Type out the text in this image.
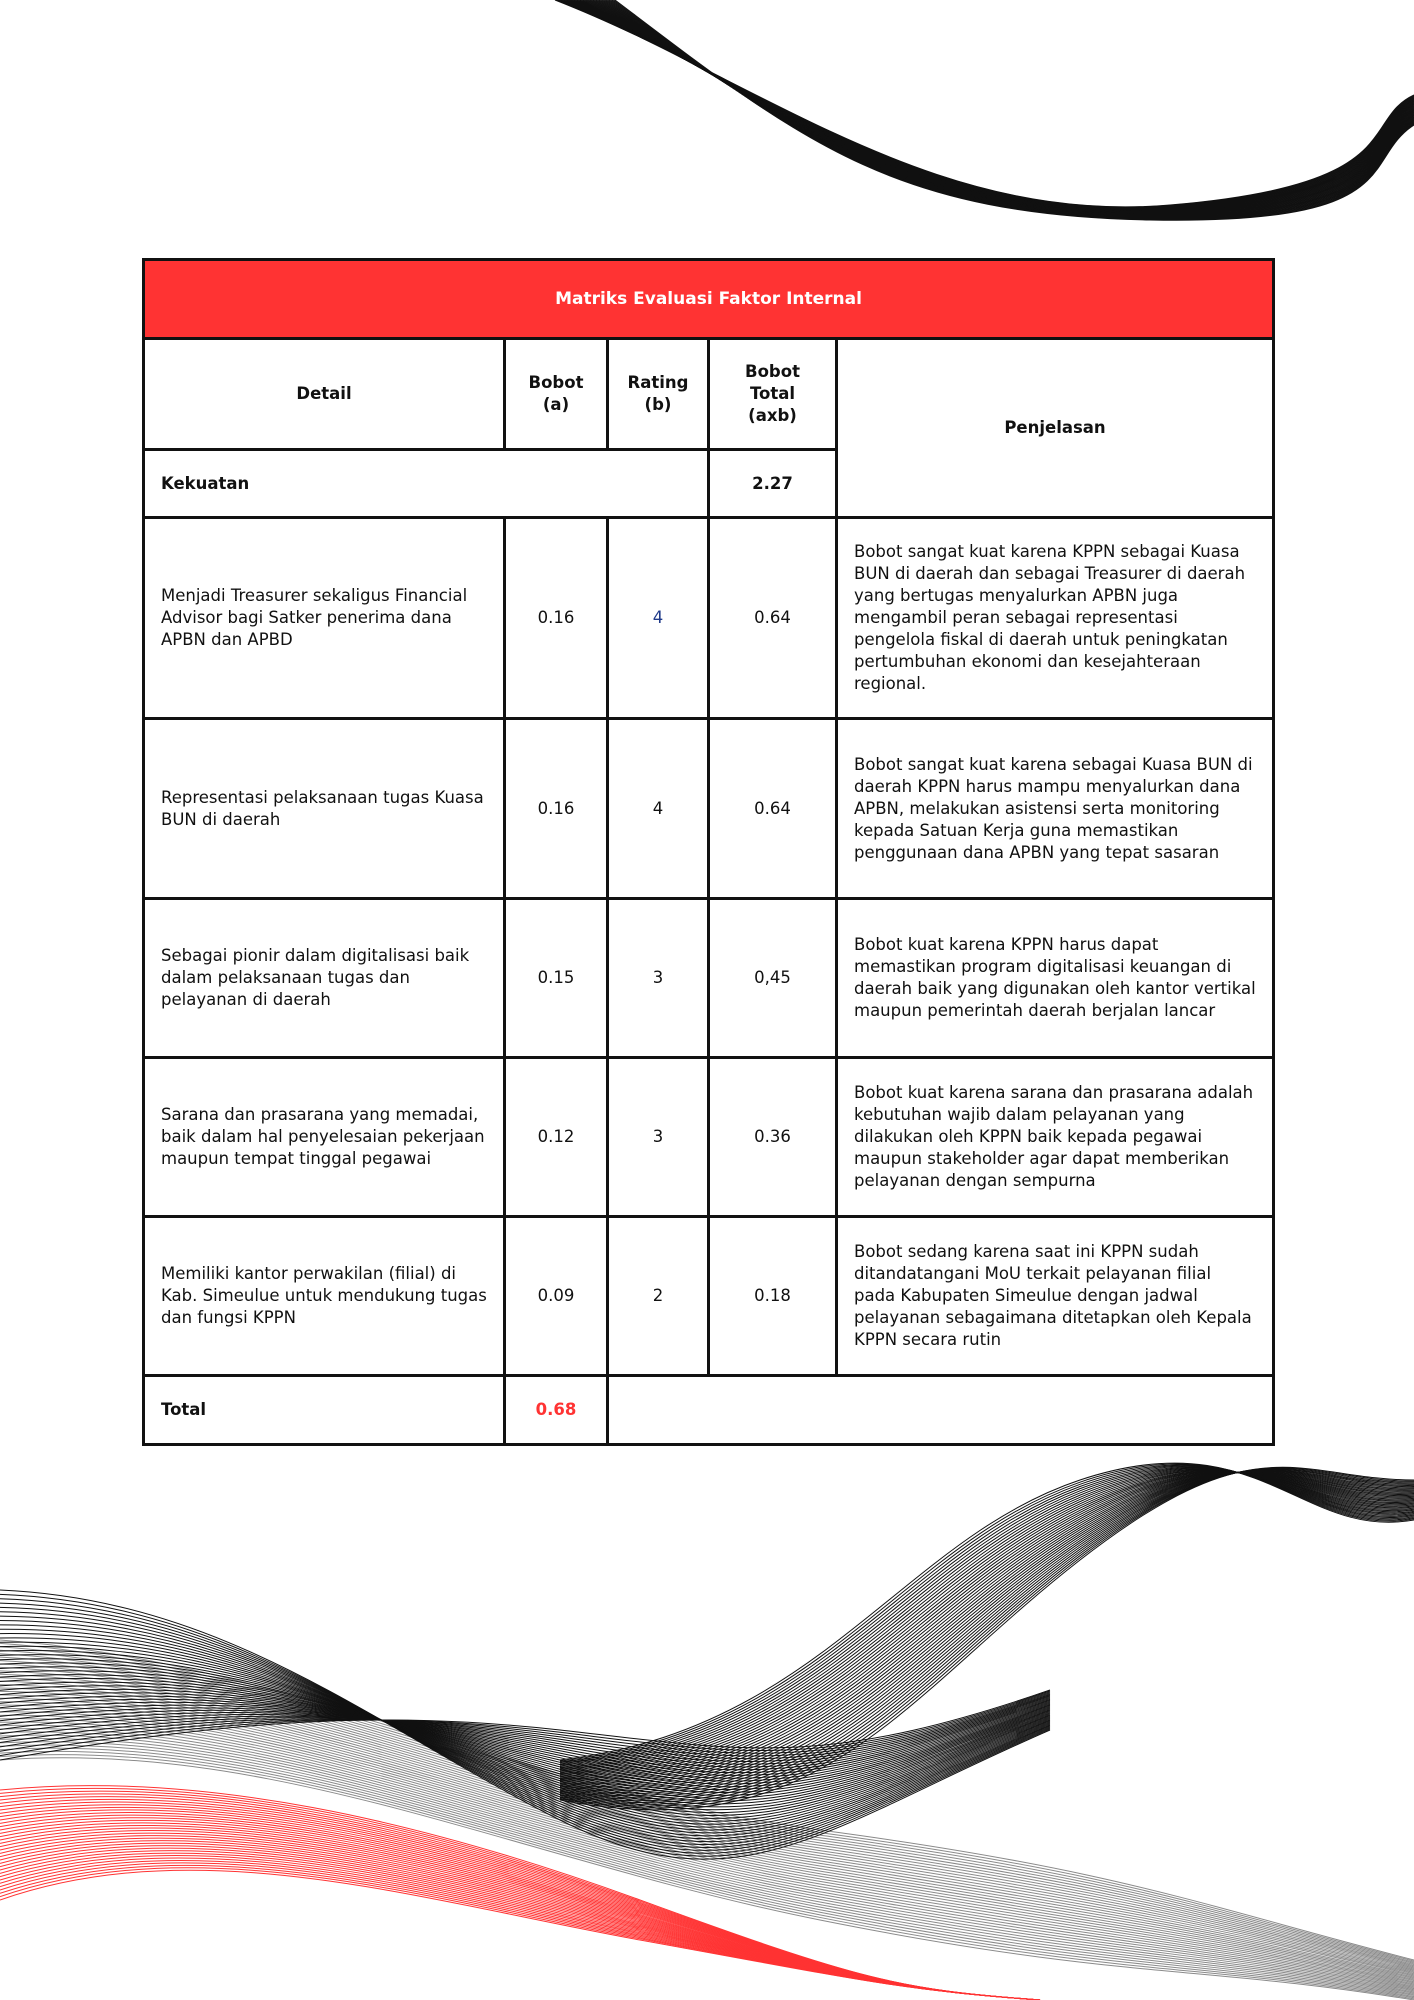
Matriks Evaluasi Faktor Internal				
Detail	Bobot (a)	Rating (b)	Bobot Total (axb)	Penjelasan
Kekuatan			2.27	
Menjadi Treasurer sekaligus Financial Advisor bagi Satker penerima dana APBN dan APBD	0.16	4	0.64	Bobot sangat kuat karena KPPN sebagai Kuasa BUN di daerah dan sebagai Treasurer di daerah yang bertugas menyalurkan APBN juga mengambil peran sebagai representasi pengelola fiskal di daerah untuk peningkatan pertumbuhan ekonomi dan kesejahteraan regional.
Representasi pelaksanaan tugas Kuasa BUN di daerah	0.16	4	0.64	Bobot sangat kuat karena sebagai Kuasa BUN di daerah KPPN harus mampu menyalurkan dana APBN, melakukan asistensi serta monitoring kepada Satuan Kerja guna memastikan penggunaan dana APBN yang tepat sasaran
Sebagai pionir dalam digitalisasi baik dalam pelaksanaan tugas dan pelayanan di daerah	0.15	3	0,45	Bobot kuat karena KPPN harus dapat memastikan program digitalisasi keuangan di daerah baik yang digunakan oleh kantor vertikal maupun pemerintah daerah berjalan lancar
Sarana dan prasarana yang memadai, baik dalam hal penyelesaian pekerjaan maupun tempat tinggal pegawai	0.12	3	0.36	Bobot kuat karena sarana dan prasarana adalah kebutuhan wajib dalam pelayanan yang dilakukan oleh KPPN baik kepada pegawai maupun stakeholder agar dapat memberikan pelayanan dengan sempurna
Memiliki kantor perwakilan (filial) di Kab. Simeulue untuk mendukung tugas dan fungsi KPPN	0.09	2	0.18	Bobot sedang karena saat ini KPPN sudah ditandatangani MoU terkait pelayanan filial pada Kabupaten Simeulue dengan jadwal pelayanan sebagaimana ditetapkan oleh Kepala KPPN secara rutin
Total	0.68			
